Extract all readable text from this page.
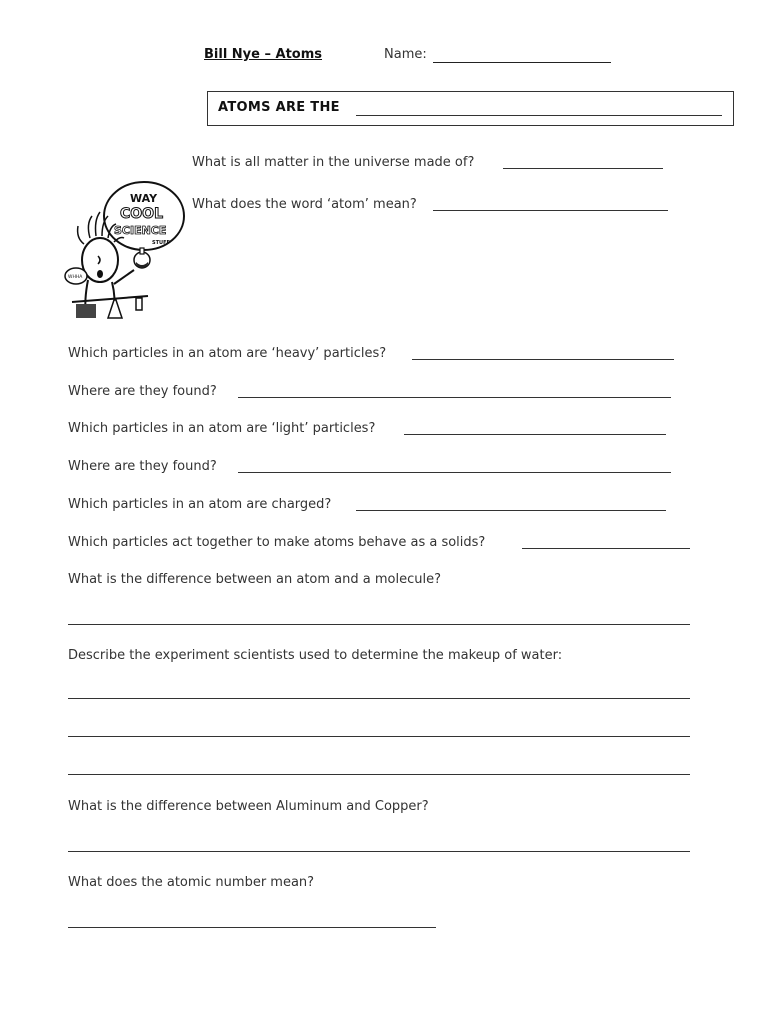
Bill Nye – Atoms	Name:
ATOMS ARE THE
WAY
COOL
SCIENCE
STUFF
WHHA
What is all matter in the universe made of?
What does the word ‘atom’ mean?
Which particles in an atom are ‘heavy’ particles?
Where are they found?
Which particles in an atom are ‘light’ particles?
Where are they found?
Which particles in an atom are charged?
Which particles act together to make atoms behave as a solids?
What is the difference between an atom and a molecule?
Describe the experiment scientists used to determine the makeup of water:
What is the difference between Aluminum and Copper?
What does the atomic number mean?
